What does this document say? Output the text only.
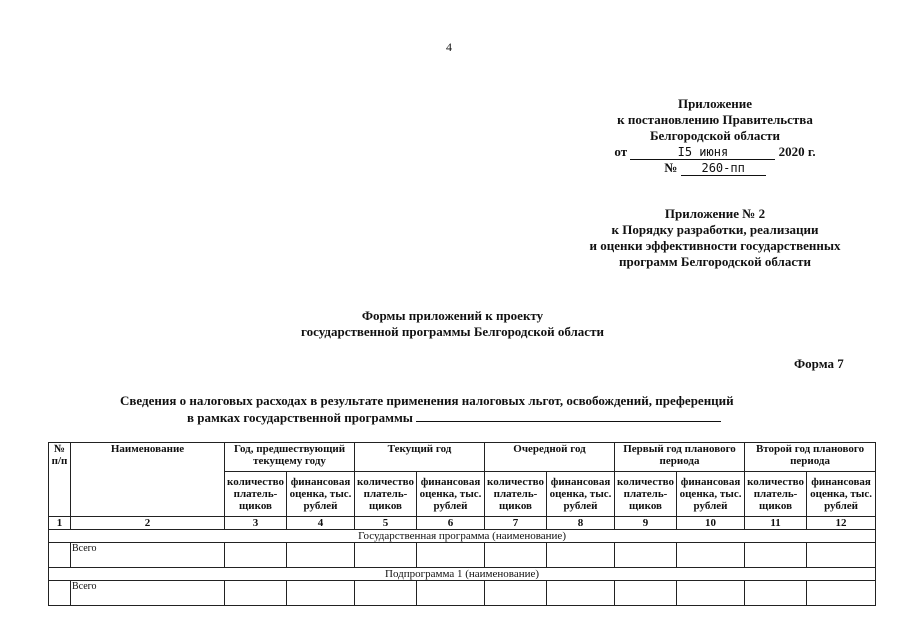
4
Приложение
к постановлению Правительства
Белгородской области
от	I5 июня	2020 г.
№ 260-пп
Приложение № 2
к Порядку разработки, реализации
и оценки эффективности государственных
программ Белгородской области
Формы приложений к проекту
государственной программы Белгородской области
Форма 7
Сведения о налоговых расходах в результате применения налоговых льгот, освобождений, преференций
в рамках государственной программы
№ п/п	Наименование	Год, предшествующий текущему году		Текущий год		Очередной год		Первый год планового периода		Второй год планового периода	
		количество платель-щиков	финансовая оценка, тыс. рублей	количество платель-щиков	финансовая оценка, тыс. рублей	количество платель-щиков	финансовая оценка, тыс. рублей	количество платель-щиков	финансовая оценка, тыс. рублей	количество платель-щиков	финансовая оценка, тыс. рублей
1	2	3	4	5	6	7	8	9	10	11	12
Государственная программа (наименование)											
	Всего										
Подпрограмма 1 (наименование)											
	Всего										
